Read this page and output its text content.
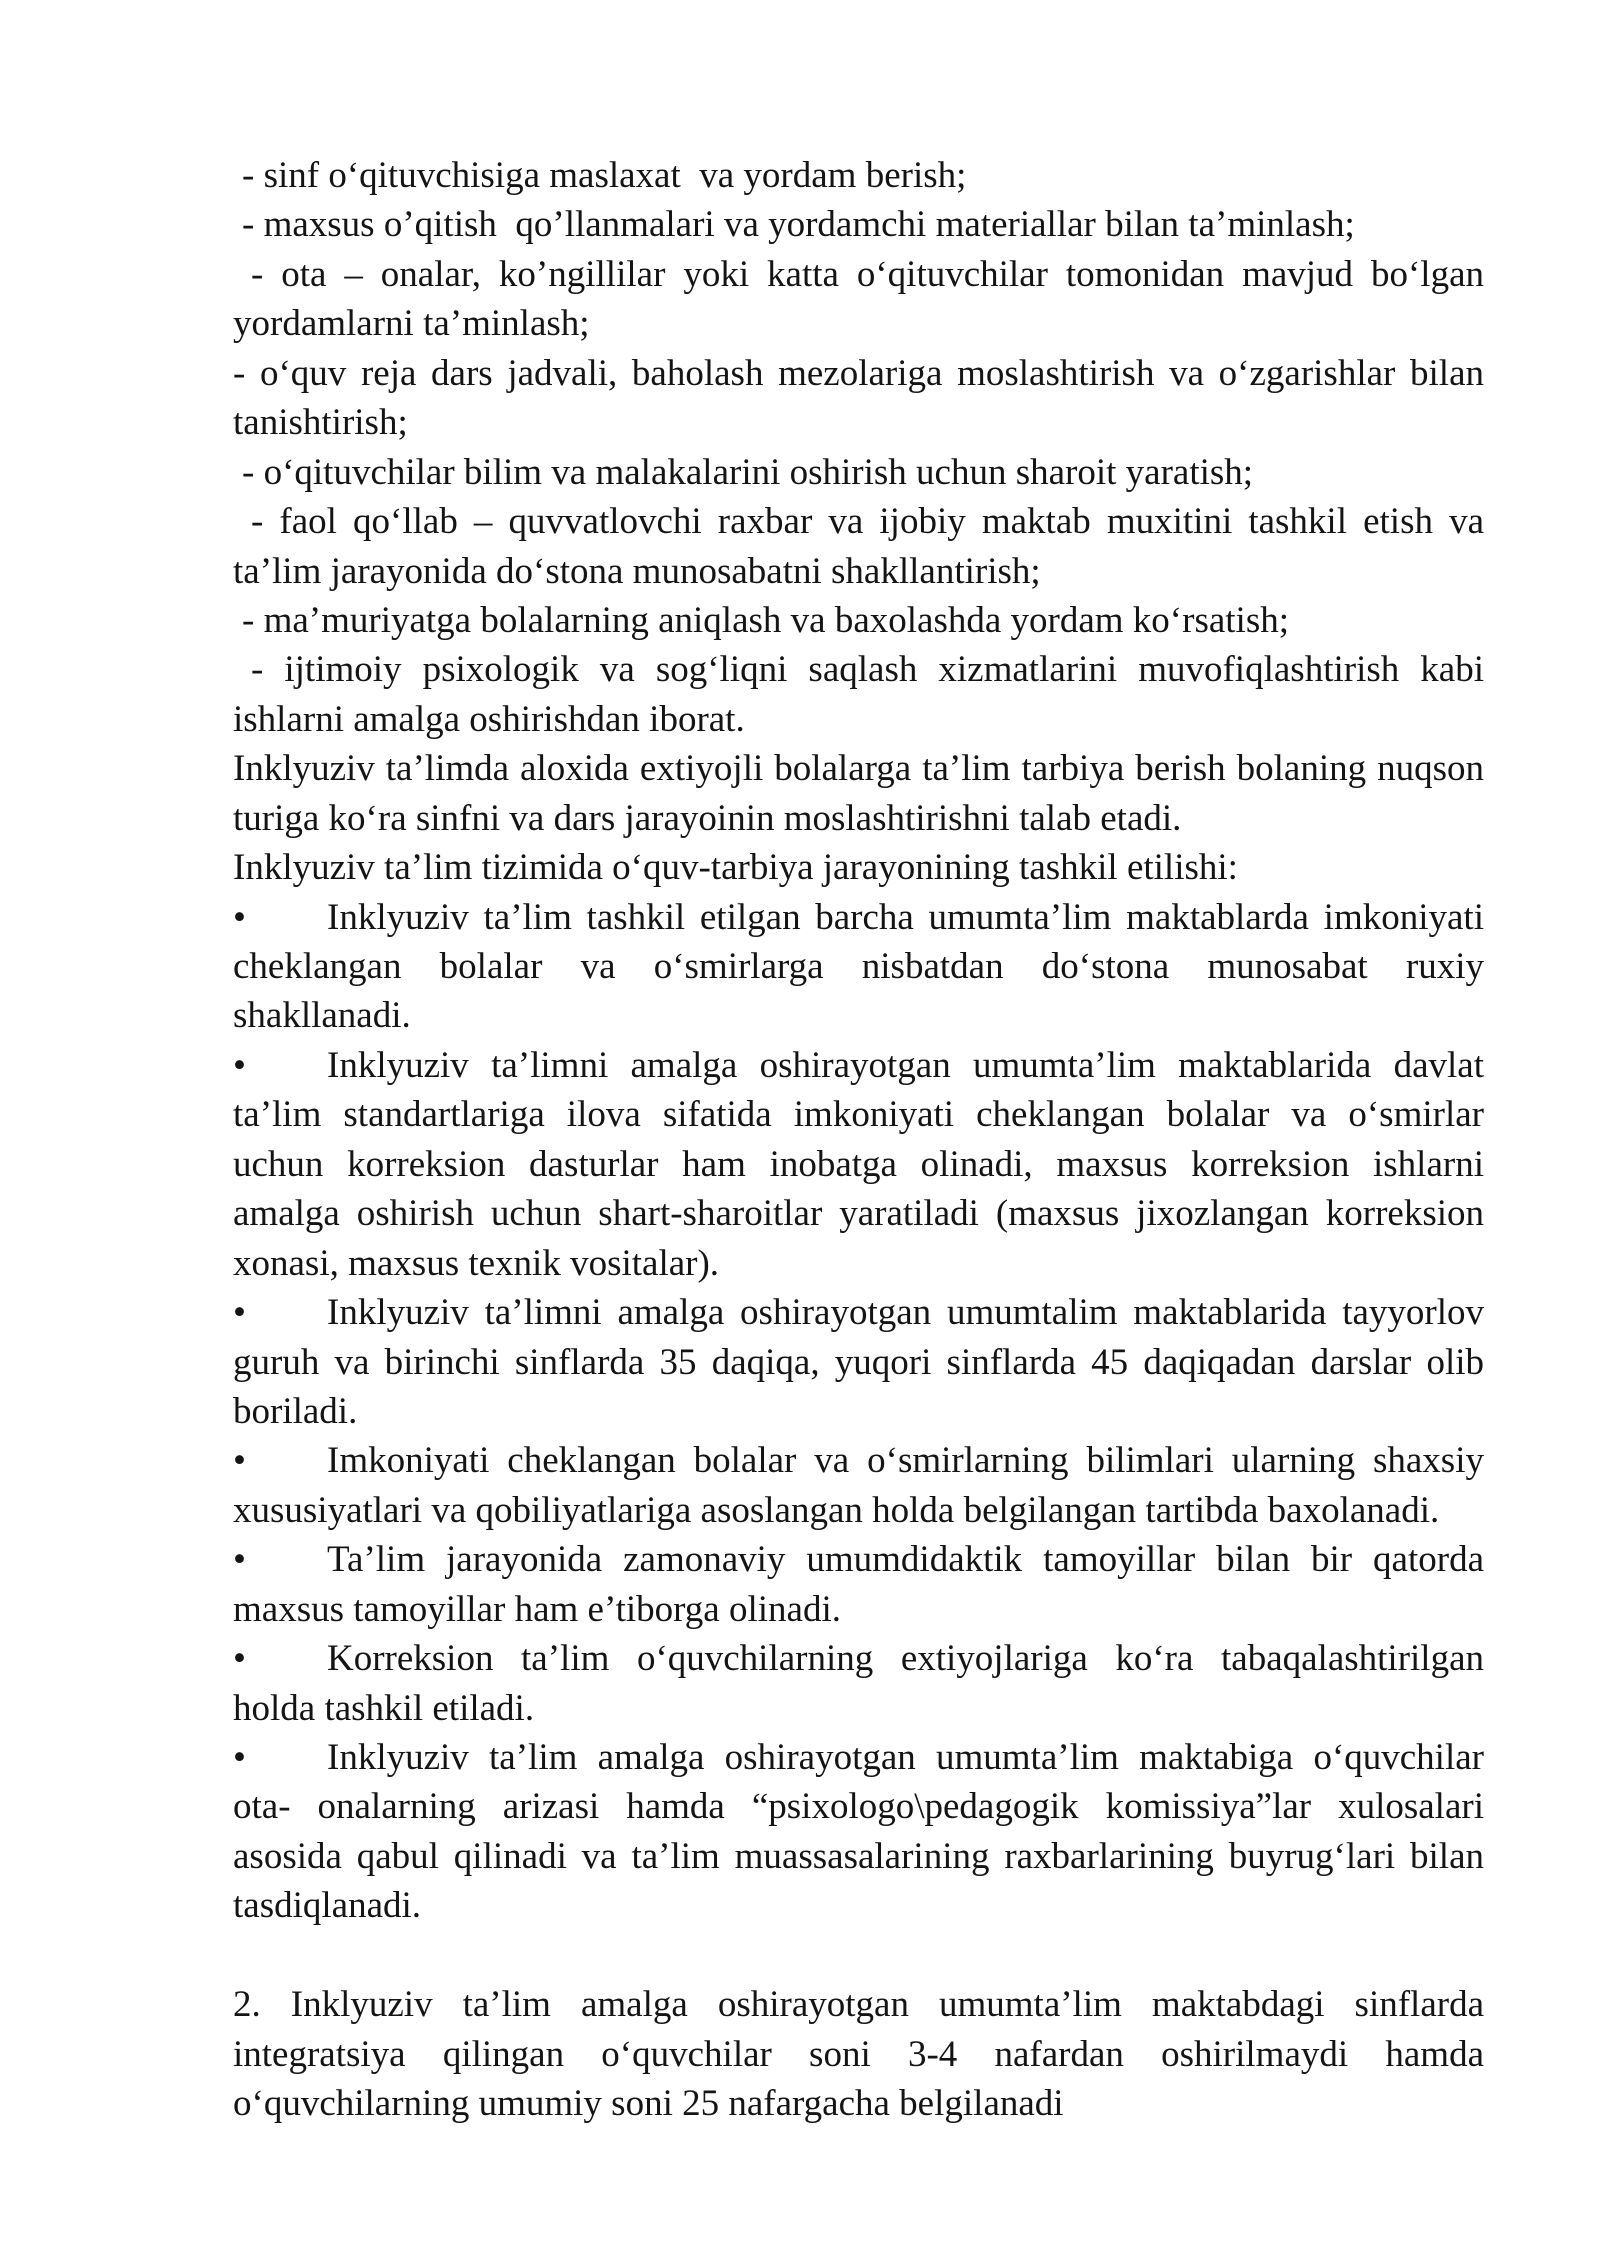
- sinf o‘qituvchisiga maslaxat  va yordam berish;
- maxsus o’qitish  qo’llanmalari va yordamchi materiallar bilan ta’minlash;
- ota – onalar, ko’ngillilar yoki katta o‘qituvchilar tomonidan mavjud bo‘lgan
yordamlarni ta’minlash;
- o‘quv reja dars jadvali, baholash mezolariga moslashtirish va o‘zgarishlar bilan
tanishtirish;
- o‘qituvchilar bilim va malakalarini oshirish uchun sharoit yaratish;
- faol qo‘llab – quvvatlovchi raxbar va ijobiy maktab muxitini tashkil etish va
ta’lim jarayonida do‘stona munosabatni shakllantirish;
- ma’muriyatga bolalarning aniqlash va baxolashda yordam ko‘rsatish;
- ijtimoiy psixologik va sog‘liqni saqlash xizmatlarini muvofiqlashtirish kabi
ishlarni amalga oshirishdan iborat.
Inklyuziv ta’limda aloxida extiyojli bolalarga ta’lim tarbiya berish bolaning nuqson
turiga ko‘ra sinfni va dars jarayoinin moslashtirishni talab etadi.
Inklyuziv ta’lim tizimida o‘quv-tarbiya jarayonining tashkil etilishi:
•	Inklyuziv ta’lim tashkil etilgan barcha umumta’lim maktablarda imkoniyati
cheklangan bolalar va o‘smirlarga nisbatdan do‘stona munosabat ruxiy
shakllanadi.
•	Inklyuziv ta’limni amalga oshirayotgan umumta’lim maktablarida davlat
ta’lim standartlariga ilova sifatida imkoniyati cheklangan bolalar va o‘smirlar
uchun korreksion dasturlar ham inobatga olinadi, maxsus korreksion ishlarni
amalga oshirish uchun shart-sharoitlar yaratiladi (maxsus jixozlangan korreksion
xonasi, maxsus texnik vositalar).
•	Inklyuziv ta’limni amalga oshirayotgan umumtalim maktablarida tayyorlov
guruh va birinchi sinflarda 35 daqiqa, yuqori sinflarda 45 daqiqadan darslar olib
boriladi.
•	Imkoniyati cheklangan bolalar va o‘smirlarning bilimlari ularning shaxsiy
xususiyatlari va qobiliyatlariga asoslangan holda belgilangan tartibda baxolanadi.
•	Ta’lim jarayonida zamonaviy umumdidaktik tamoyillar bilan bir qatorda
maxsus tamoyillar ham e’tiborga olinadi.
•	Korreksion ta’lim o‘quvchilarning extiyojlariga ko‘ra tabaqalashtirilgan
holda tashkil etiladi.
•	Inklyuziv ta’lim amalga oshirayotgan umumta’lim maktabiga o‘quvchilar
ota- onalarning arizasi hamda “psixologo\pedagogik komissiya”lar xulosalari
asosida qabul qilinadi va ta’lim muassasalarining raxbarlarining buyrug‘lari bilan
tasdiqlanadi.
2. Inklyuziv ta’lim amalga oshirayotgan umumta’lim maktabdagi sinflarda
integratsiya qilingan o‘quvchilar soni 3-4 nafardan oshirilmaydi hamda
o‘quvchilarning umumiy soni 25 nafargacha belgilanadi
